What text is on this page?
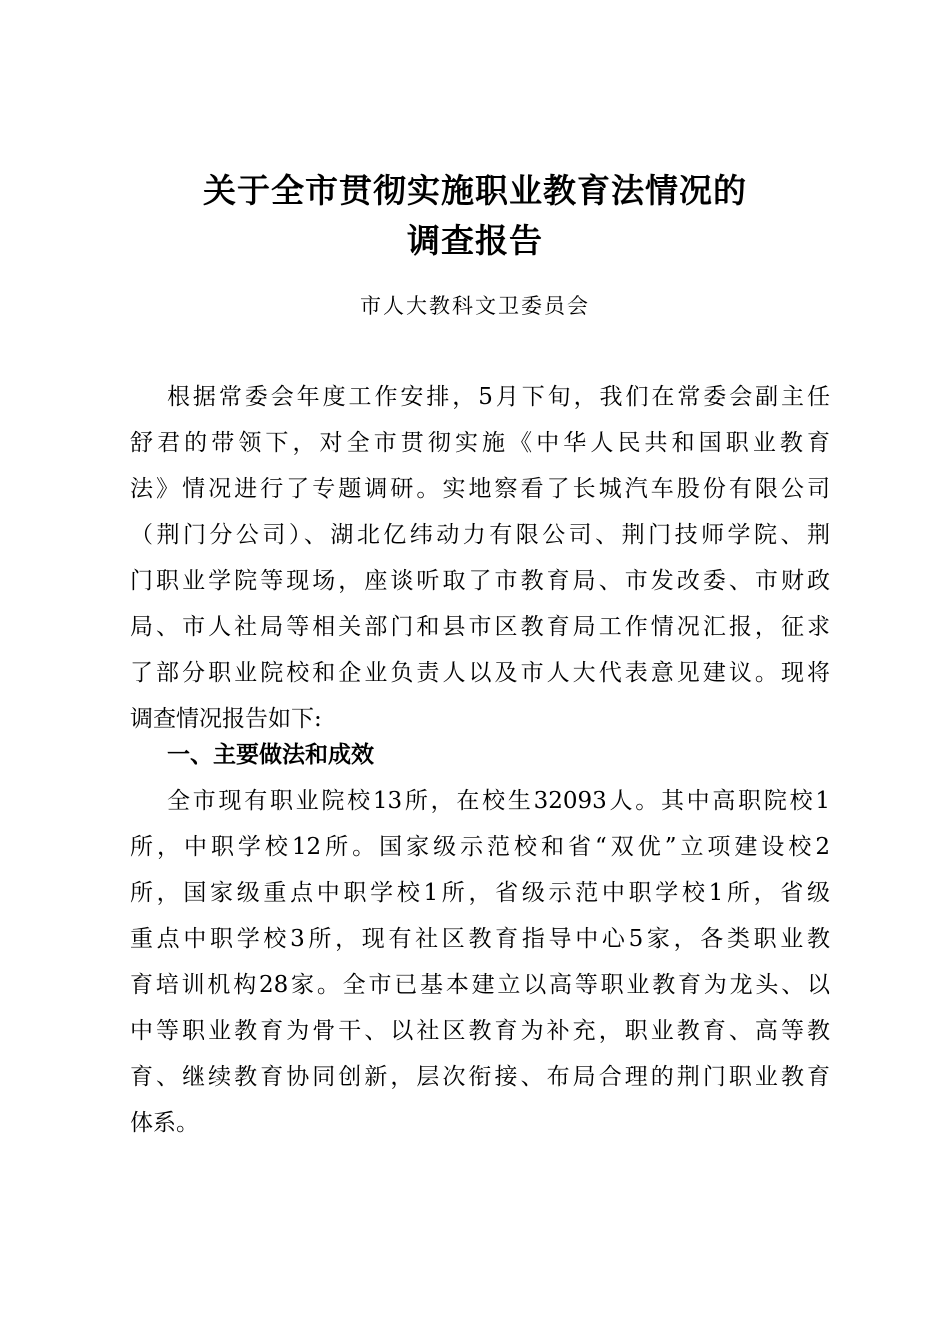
关于全市贯彻实施职业教育法情况的
调查报告
市人大教科文卫委员会
根据常委会年度工作安排，5月下旬，我们在常委会副主任
舒君的带领下，对全市贯彻实施《中华人民共和国职业教育
法》情况进行了专题调研。实地察看了长城汽车股份有限公司
（荆门分公司）、湖北亿纬动力有限公司、荆门技师学院、荆
门职业学院等现场，座谈听取了市教育局、市发改委、市财政
局、市人社局等相关部门和县市区教育局工作情况汇报，征求
了部分职业院校和企业负责人以及市人大代表意见建议。现将
调查情况报告如下:
一、主要做法和成效
全市现有职业院校13所，在校生32093人。其中高职院校1
所，中职学校12所。国家级示范校和省“双优”立项建设校2
所，国家级重点中职学校1所，省级示范中职学校1所，省级
重点中职学校3所，现有社区教育指导中心5家，各类职业教
育培训机构28家。全市已基本建立以高等职业教育为龙头、以
中等职业教育为骨干、以社区教育为补充，职业教育、高等教
育、继续教育协同创新，层次衔接、布局合理的荆门职业教育
体系。
